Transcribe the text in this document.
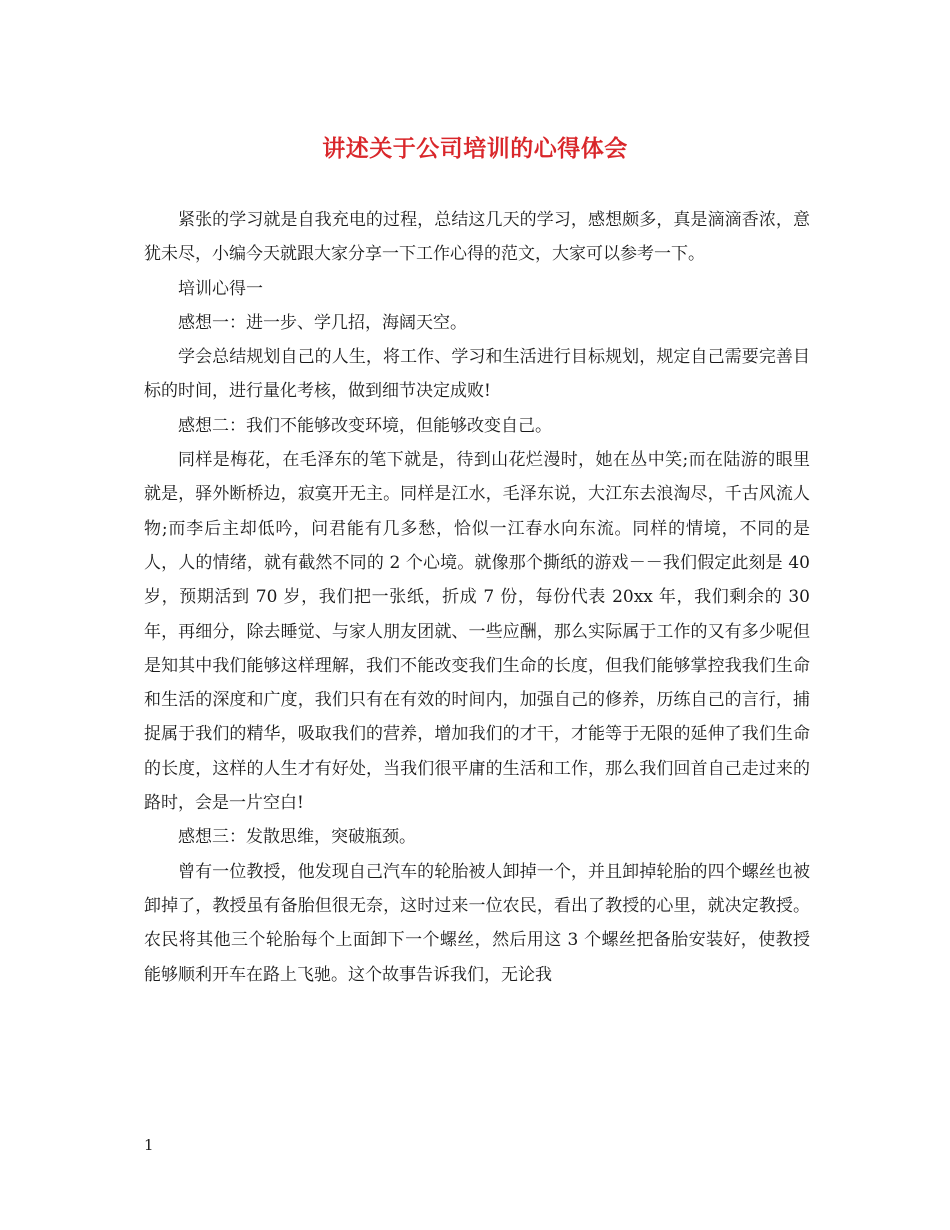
讲述关于公司培训的心得体会

紧张的学习就是自我充电的过程，总结这几天的学习，感想颇多，真是滴滴香浓，意犹未尽，小编今天就跟大家分享一下工作心得的范文，大家可以参考一下。

培训心得一

感想一：进一步、学几招，海阔天空。

学会总结规划自己的人生，将工作、学习和生活进行目标规划，规定自己需要完善目标的时间，进行量化考核，做到细节决定成败!

感想二：我们不能够改变环境，但能够改变自己。

同样是梅花，在毛泽东的笔下就是，待到山花烂漫时，她在丛中笑;而在陆游的眼里就是，驿外断桥边，寂寞开无主。同样是江水，毛泽东说，大江东去浪淘尽，千古风流人物;而李后主却低吟，问君能有几多愁，恰似一江春水向东流。同样的情境，不同的是人，人的情绪，就有截然不同的 2 个心境。就像那个撕纸的游戏－－我们假定此刻是 40 岁，预期活到 70 岁，我们把一张纸，折成 7 份，每份代表 20xx 年，我们剩余的 30 年，再细分，除去睡觉、与家人朋友团就、一些应酬，那么实际属于工作的又有多少呢但是知其中我们能够这样理解，我们不能改变我们生命的长度，但我们能够掌控我我们生命和生活的深度和广度，我们只有在有效的时间内，加强自己的修养，历练自己的言行，捕捉属于我们的精华，吸取我们的营养，增加我们的才干，才能等于无限的延伸了我们生命的长度，这样的人生才有好处，当我们很平庸的生活和工作，那么我们回首自己走过来的路时，会是一片空白!

感想三：发散思维，突破瓶颈。

曾有一位教授，他发现自己汽车的轮胎被人卸掉一个，并且卸掉轮胎的四个螺丝也被卸掉了，教授虽有备胎但很无奈，这时过来一位农民，看出了教授的心里，就决定教授。农民将其他三个轮胎每个上面卸下一个螺丝，然后用这 3 个螺丝把备胎安装好，使教授能够顺利开车在路上飞驰。这个故事告诉我们，无论我

1
